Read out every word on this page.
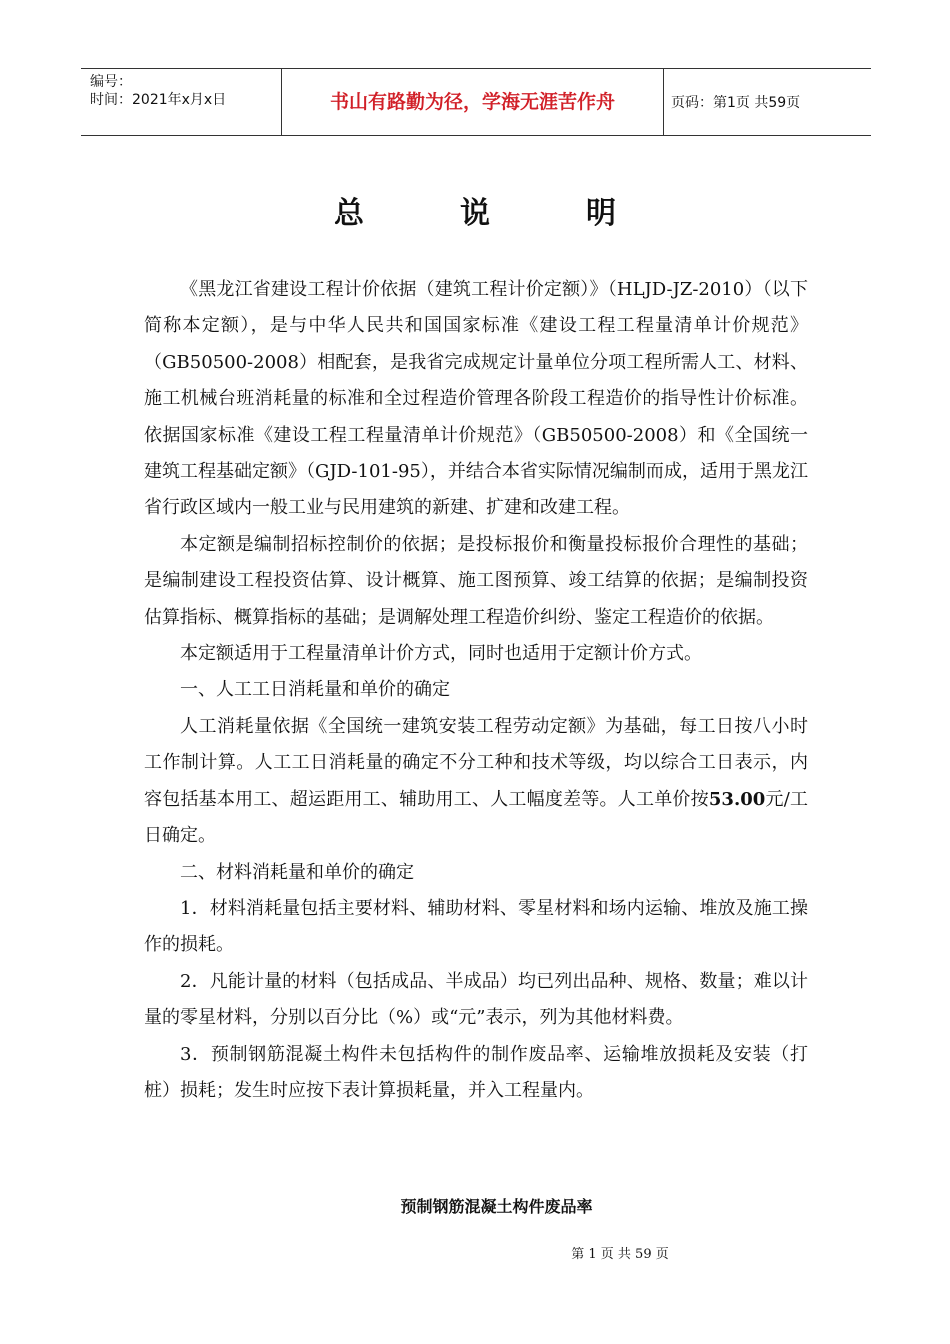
编号：
时间：2021年x月x日	书山有路勤为径，学海无涯苦作舟	页码：第1页 共59页
总说明

《黑龙江省建设工程计价依据（建筑工程计价定额）》（HLJD-JZ-2010）（以下简称本定额），是与中华人民共和国国家标准《建设工程工程量清单计价规范》（GB50500-2008）相配套，是我省完成规定计量单位分项工程所需人工、材料、施工机械台班消耗量的标准和全过程造价管理各阶段工程造价的指导性计价标准。依据国家标准《建设工程工程量清单计价规范》（GB50500-2008）和《全国统一建筑工程基础定额》（GJD-101-95），并结合本省实际情况编制而成，适用于黑龙江省行政区域内一般工业与民用建筑的新建、扩建和改建工程。

本定额是编制招标控制价的依据；是投标报价和衡量投标报价合理性的基础；是编制建设工程投资估算、设计概算、施工图预算、竣工结算的依据；是编制投资估算指标、概算指标的基础；是调解处理工程造价纠纷、鉴定工程造价的依据。

本定额适用于工程量清单计价方式，同时也适用于定额计价方式。

一、人工工日消耗量和单价的确定

人工消耗量依据《全国统一建筑安装工程劳动定额》为基础，每工日按八小时工作制计算。人工工日消耗量的确定不分工种和技术等级，均以综合工日表示，内容包括基本用工、超运距用工、辅助用工、人工幅度差等。人工单价按53.00元/工日确定。

二、材料消耗量和单价的确定

1．材料消耗量包括主要材料、辅助材料、零星材料和场内运输、堆放及施工操作的损耗。

2．凡能计量的材料（包括成品、半成品）均已列出品种、规格、数量；难以计量的零星材料，分别以百分比（%）或“元”表示，列为其他材料费。

3．预制钢筋混凝土构件未包括构件的制作废品率、运输堆放损耗及安装（打桩）损耗；发生时应按下表计算损耗量，并入工程量内。

预制钢筋混凝土构件废品率
第 1 页 共 59 页
